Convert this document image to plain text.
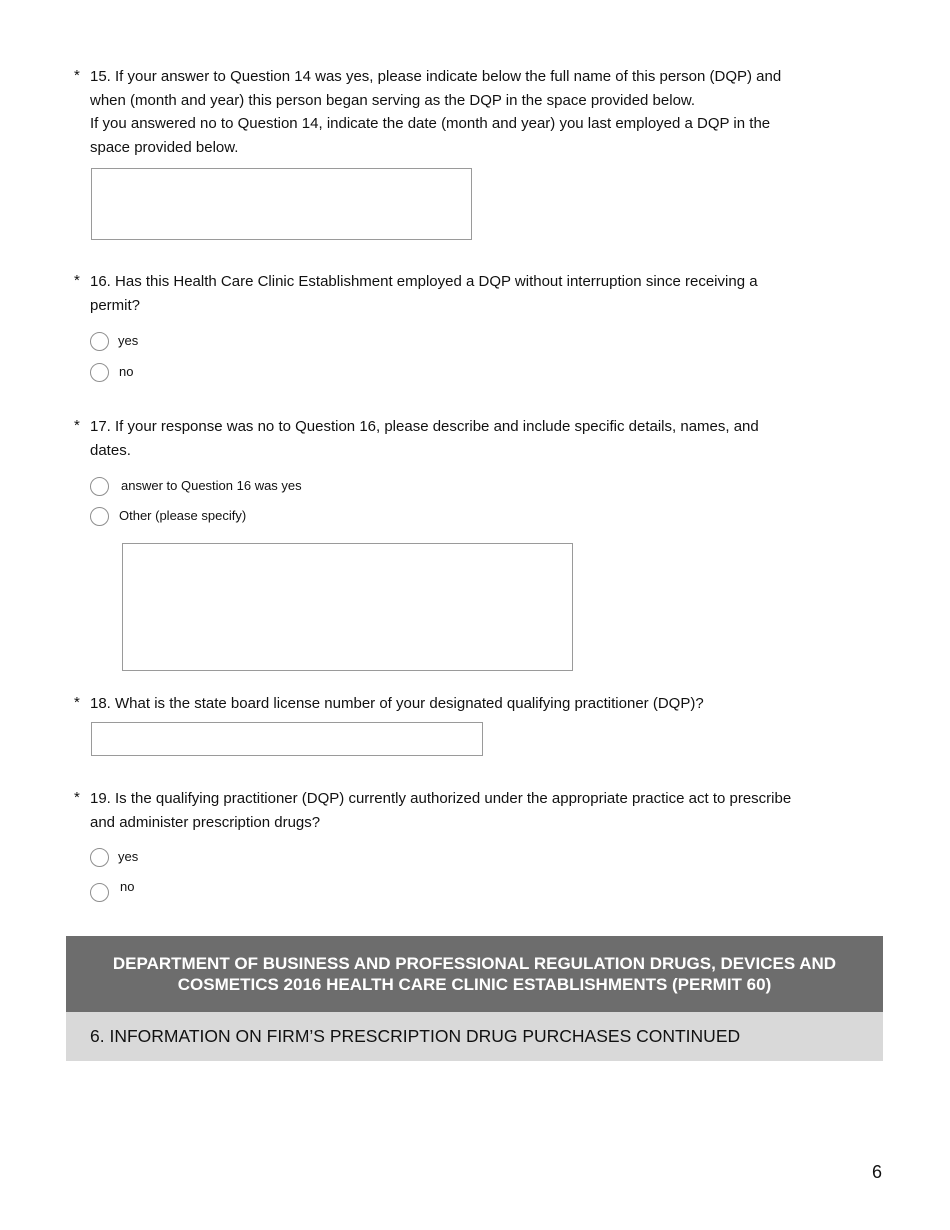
* 15. If your answer to Question 14 was yes, please indicate below the full name of this person (DQP) and
when (month and year) this person began serving as the DQP in the space provided below.
If you answered no to Question 14, indicate the date (month and year) you last employed a DQP in the
space provided below.
* 16. Has this Health Care Clinic Establishment employed a DQP without interruption since receiving a
permit?
yes
no
* 17. If your response was no to Question 16, please describe and include specific details, names, and
dates.
answer to Question 16 was yes
Other (please specify)
* 18. What is the state board license number of your designated qualifying practitioner (DQP)?
* 19. Is the qualifying practitioner (DQP) currently authorized under the appropriate practice act to prescribe
and administer prescription drugs?
yes
no
DEPARTMENT OF BUSINESS AND PROFESSIONAL REGULATION DRUGS, DEVICES AND
COSMETICS 2016 HEALTH CARE CLINIC ESTABLISHMENTS (PERMIT 60)
6. INFORMATION ON FIRM’S PRESCRIPTION DRUG PURCHASES CONTINUED
6
